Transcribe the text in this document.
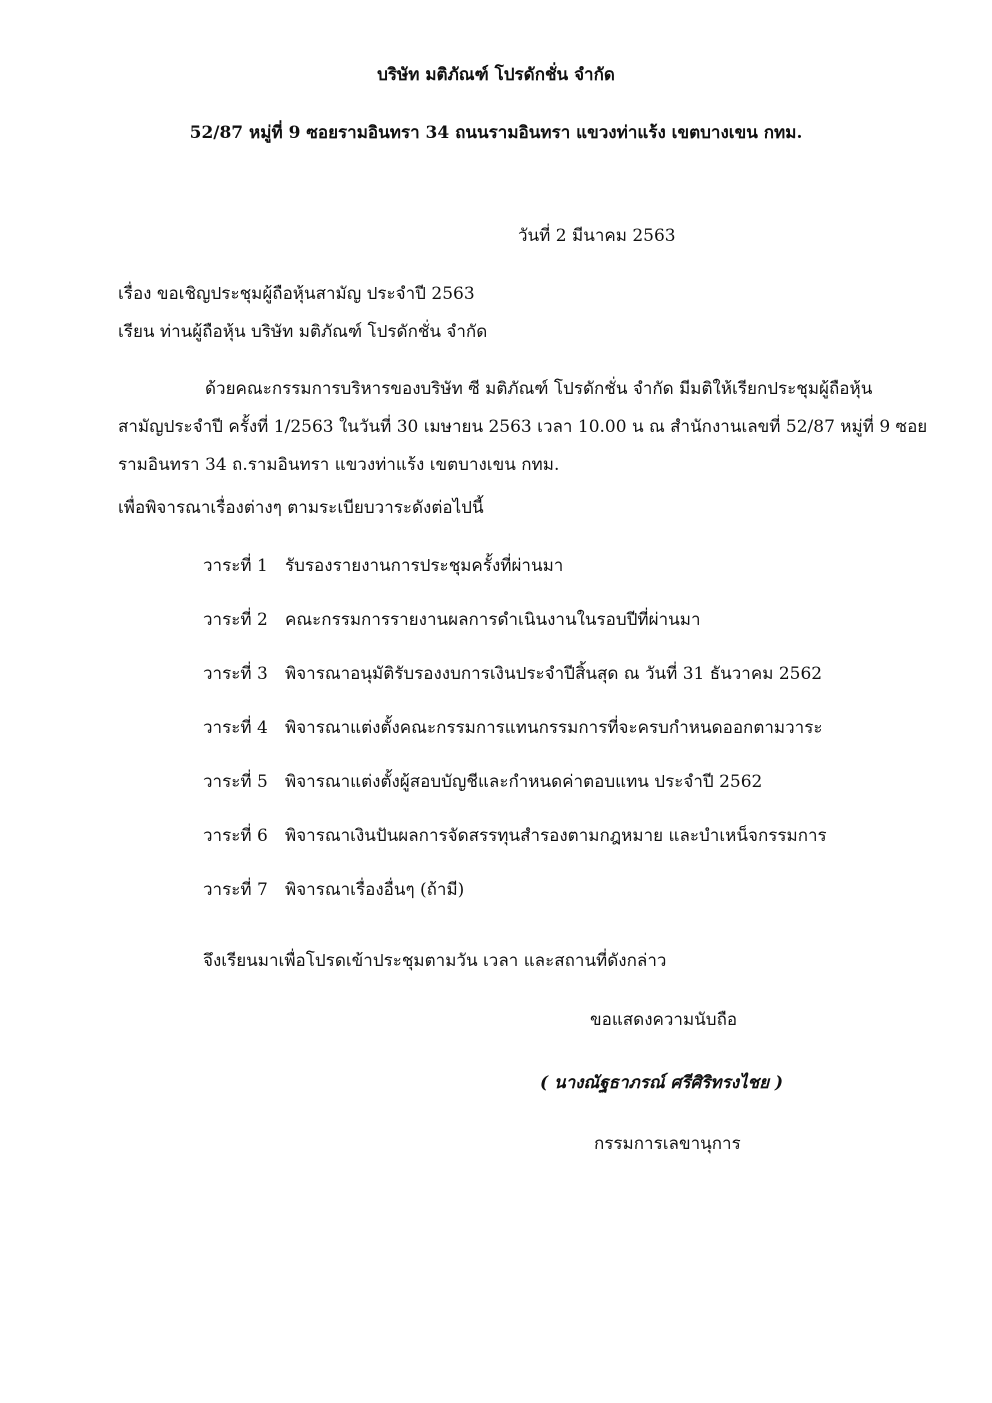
บริษัท มติภัณฑ์ โปรดักชั่น จำกัด
52/87 หมู่ที่ 9 ซอยรามอินทรา 34 ถนนรามอินทรา แขวงท่าแร้ง เขตบางเขน กทม.
วันที่ 2 มีนาคม 2563
เรื่อง ขอเชิญประชุมผู้ถือหุ้นสามัญ ประจำปี 2563
เรียน ท่านผู้ถือหุ้น บริษัท มติภัณฑ์ โปรดักชั่น จำกัด
ด้วยคณะกรรมการบริหารของบริษัท ซี มติภัณฑ์ โปรดักชั่น จำกัด มีมติให้เรียกประชุมผู้ถือหุ้น
สามัญประจำปี ครั้งที่ 1/2563 ในวันที่ 30 เมษายน 2563 เวลา 10.00 น ณ สำนักงานเลขที่ 52/87 หมู่ที่ 9 ซอย
รามอินทรา 34 ถ.รามอินทรา แขวงท่าแร้ง เขตบางเขน กทม.
เพื่อพิจารณาเรื่องต่างๆ ตามระเบียบวาระดังต่อไปนี้
วาระที่ 1 รับรองรายงานการประชุมครั้งที่ผ่านมา
วาระที่ 2 คณะกรรมการรายงานผลการดำเนินงานในรอบปีที่ผ่านมา
วาระที่ 3 พิจารณาอนุมัติรับรองงบการเงินประจำปีสิ้นสุด ณ วันที่ 31 ธันวาคม 2562
วาระที่ 4 พิจารณาแต่งตั้งคณะกรรมการแทนกรรมการที่จะครบกำหนดออกตามวาระ
วาระที่ 5 พิจารณาแต่งตั้งผู้สอบบัญชีและกำหนดค่าตอบแทน ประจำปี 2562
วาระที่ 6 พิจารณาเงินปันผลการจัดสรรทุนสำรองตามกฎหมาย และบำเหน็จกรรมการ
วาระที่ 7 พิจารณาเรื่องอื่นๆ (ถ้ามี)
จึงเรียนมาเพื่อโปรดเข้าประชุมตามวัน เวลา และสถานที่ดังกล่าว
ขอแสดงความนับถือ
( นางณัฐธาภรณ์ ศรีศิริทรงไชย )
กรรมการเลขานุการ
